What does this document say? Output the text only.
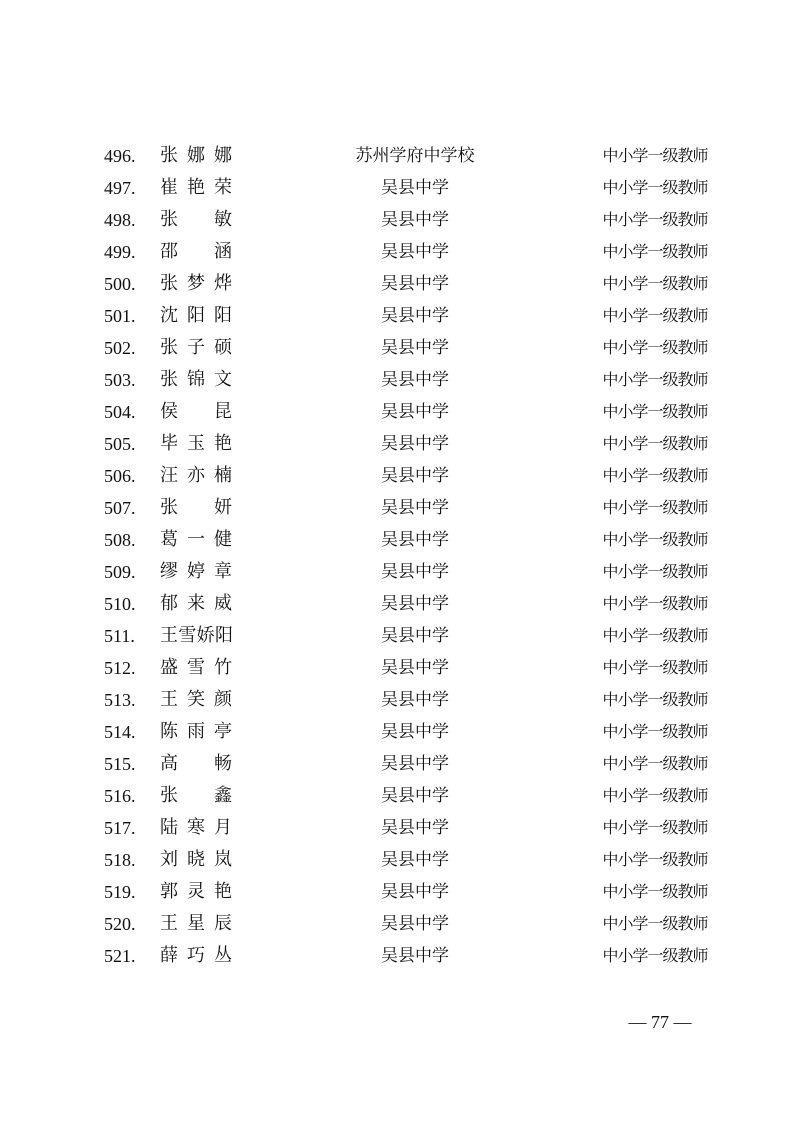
496.	张 娜 娜	苏州学府中学校	中小学一级教师
497.	崔 艳 荣	吴县中学	中小学一级教师
498.	张 敏	吴县中学	中小学一级教师
499.	邵 涵	吴县中学	中小学一级教师
500.	张 梦 烨	吴县中学	中小学一级教师
501.	沈 阳 阳	吴县中学	中小学一级教师
502.	张 子 硕	吴县中学	中小学一级教师
503.	张 锦 文	吴县中学	中小学一级教师
504.	侯 昆	吴县中学	中小学一级教师
505.	毕 玉 艳	吴县中学	中小学一级教师
506.	汪 亦 楠	吴县中学	中小学一级教师
507.	张 妍	吴县中学	中小学一级教师
508.	葛 一 健	吴县中学	中小学一级教师
509.	缪 婷 章	吴县中学	中小学一级教师
510.	郁 来 威	吴县中学	中小学一级教师
511.	王 雪 娇 阳	吴县中学	中小学一级教师
512.	盛 雪 竹	吴县中学	中小学一级教师
513.	王 笑 颜	吴县中学	中小学一级教师
514.	陈 雨 亭	吴县中学	中小学一级教师
515.	高 畅	吴县中学	中小学一级教师
516.	张 鑫	吴县中学	中小学一级教师
517.	陆 寒 月	吴县中学	中小学一级教师
518.	刘 晓 岚	吴县中学	中小学一级教师
519.	郭 灵 艳	吴县中学	中小学一级教师
520.	王 星 辰	吴县中学	中小学一级教师
521.	薛 巧 丛	吴县中学	中小学一级教师
— 77 —
